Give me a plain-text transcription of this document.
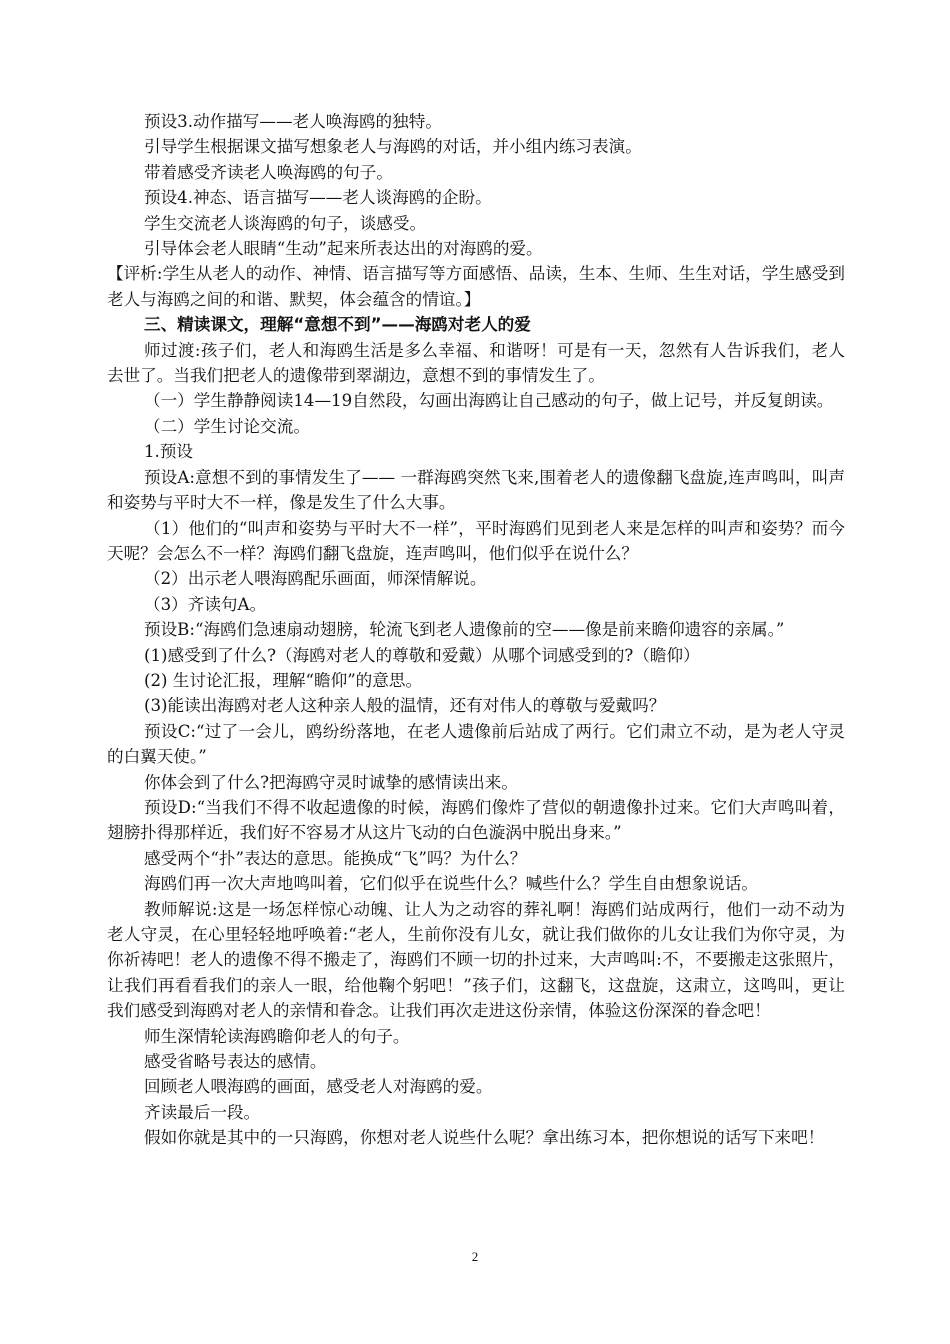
预设3.动作描写——老人唤海鸥的独特。

引导学生根据课文描写想象老人与海鸥的对话，并小组内练习表演。

带着感受齐读老人唤海鸥的句子。

预设4.神态、语言描写——老人谈海鸥的企盼。

学生交流老人谈海鸥的句子，谈感受。

引导体会老人眼睛“生动”起来所表达出的对海鸥的爱。

【评析:学生从老人的动作、神情、语言描写等方面感悟、品读，生本、生师、生生对话，学生感受到老人与海鸥之间的和谐、默契，体会蕴含的情谊。】

三、精读课文，理解“意想不到”——海鸥对老人的爱

师过渡:孩子们，老人和海鸥生活是多么幸福、和谐呀！可是有一天，忽然有人告诉我们，老人去世了。当我们把老人的遗像带到翠湖边，意想不到的事情发生了。

（一）学生静静阅读14—19自然段，勾画出海鸥让自己感动的句子，做上记号，并反复朗读。

（二）学生讨论交流。

1.预设

预设A:意想不到的事情发生了—— 一群海鸥突然飞来,围着老人的遗像翻飞盘旋,连声鸣叫，叫声和姿势与平时大不一样，像是发生了什么大事。

（1）他们的“叫声和姿势与平时大不一样”，平时海鸥们见到老人来是怎样的叫声和姿势？而今天呢？会怎么不一样？海鸥们翻飞盘旋，连声鸣叫，他们似乎在说什么？

（2）出示老人喂海鸥配乐画面，师深情解说。

（3）齐读句A。

预设B:“海鸥们急速扇动翅膀，轮流飞到老人遗像前的空——像是前来瞻仰遗容的亲属。”

(1)感受到了什么?（海鸥对老人的尊敬和爱戴）从哪个词感受到的?（瞻仰）

(2) 生讨论汇报，理解“瞻仰”的意思。

(3)能读出海鸥对老人这种亲人般的温情，还有对伟人的尊敬与爱戴吗？

预设C:“过了一会儿，鸥纷纷落地，在老人遗像前后站成了两行。它们肃立不动，是为老人守灵的白翼天使。”

你体会到了什么?把海鸥守灵时诚挚的感情读出来。

预设D:“当我们不得不收起遗像的时候，海鸥们像炸了营似的朝遗像扑过来。它们大声鸣叫着，翅膀扑得那样近，我们好不容易才从这片飞动的白色漩涡中脱出身来。”

感受两个“扑”表达的意思。能换成“飞”吗？为什么？

海鸥们再一次大声地鸣叫着，它们似乎在说些什么？喊些什么？学生自由想象说话。

教师解说:这是一场怎样惊心动魄、让人为之动容的葬礼啊！海鸥们站成两行，他们一动不动为老人守灵，在心里轻轻地呼唤着:“老人，生前你没有儿女，就让我们做你的儿女让我们为你守灵，为你祈祷吧！老人的遗像不得不搬走了，海鸥们不顾一切的扑过来，大声鸣叫:不，不要搬走这张照片，让我们再看看我们的亲人一眼，给他鞠个躬吧！”孩子们，这翻飞，这盘旋，这肃立，这鸣叫，更让我们感受到海鸥对老人的亲情和眷念。让我们再次走进这份亲情，体验这份深深的眷念吧！

师生深情轮读海鸥瞻仰老人的句子。

感受省略号表达的感情。

回顾老人喂海鸥的画面，感受老人对海鸥的爱。

齐读最后一段。

假如你就是其中的一只海鸥，你想对老人说些什么呢？拿出练习本，把你想说的话写下来吧！

2
